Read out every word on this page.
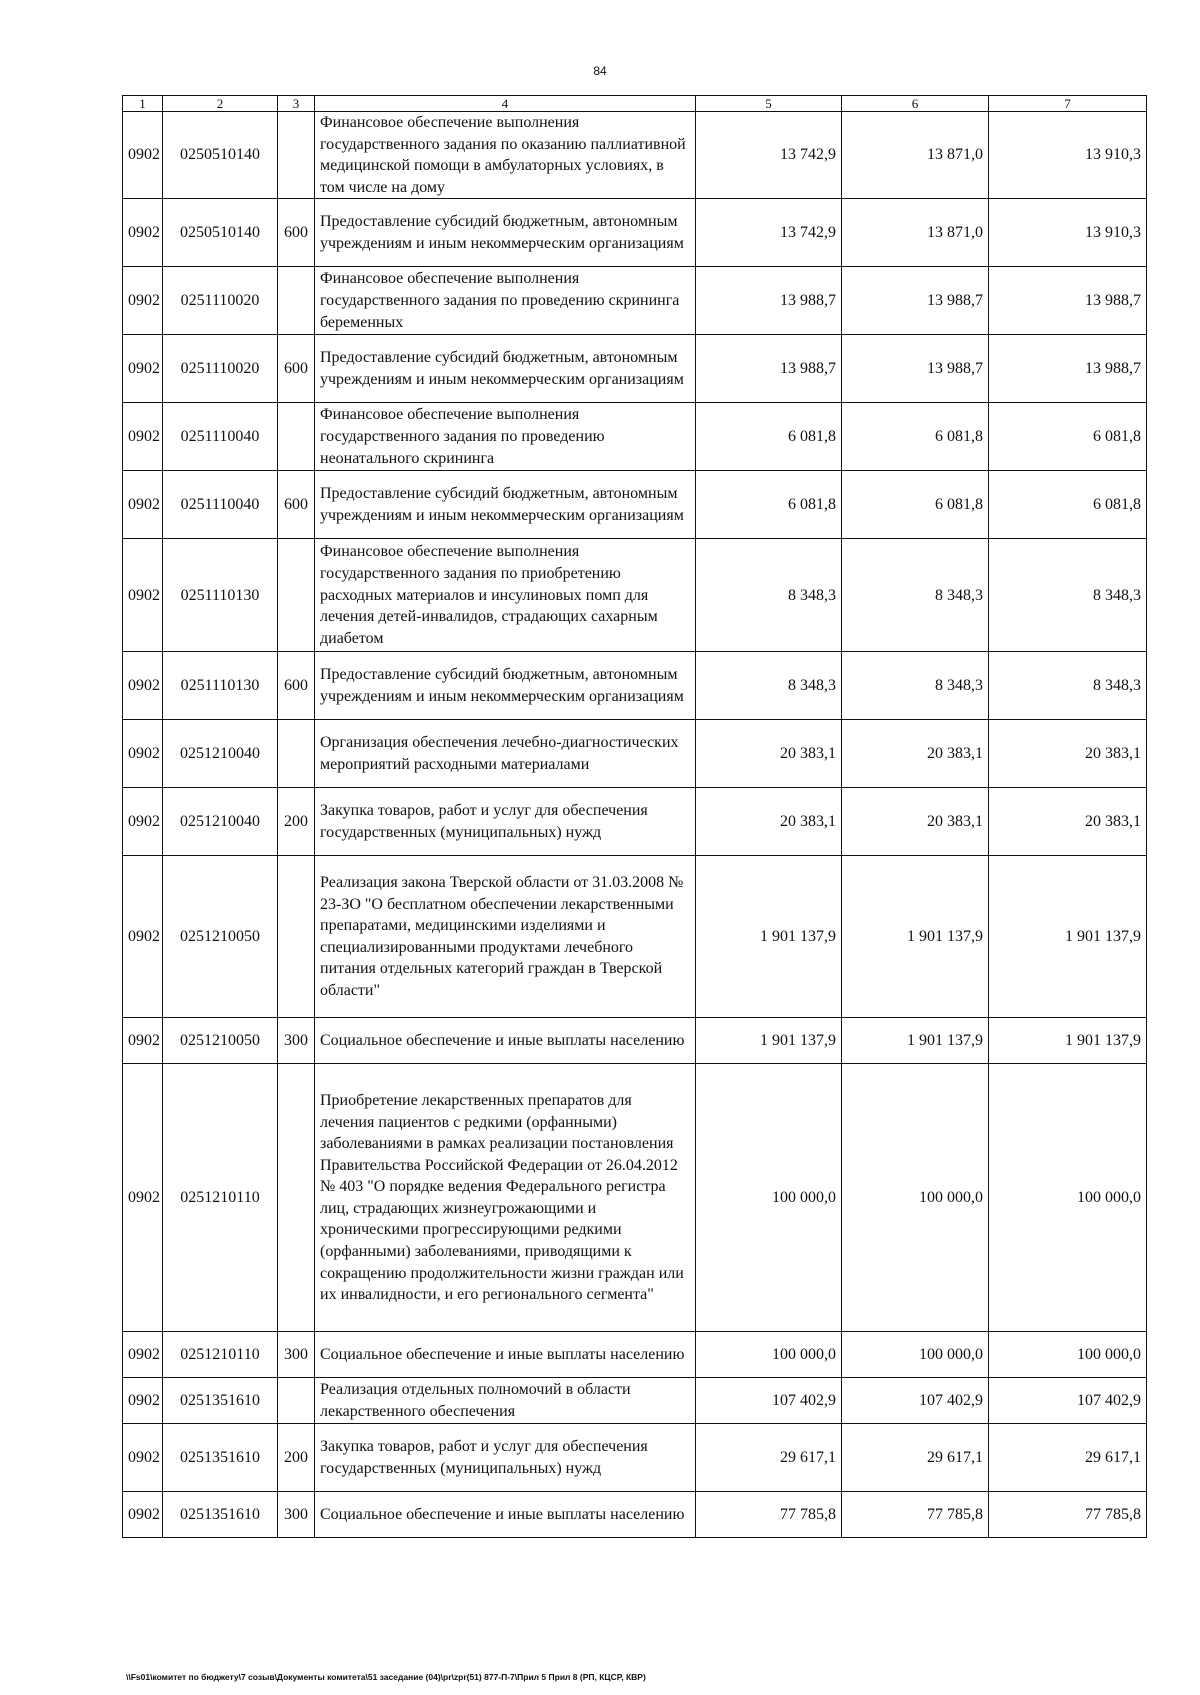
84
1	2	3	4	5	6	7
0902	0250510140		Финансовое обеспечение выполнения государственного задания по оказанию паллиативной медицинской помощи в амбулаторных условиях, в том числе на дому	13 742,9	13 871,0	13 910,3
0902	0250510140	600	Предоставление субсидий бюджетным, автономным учреждениям и иным некоммерческим организациям	13 742,9	13 871,0	13 910,3
0902	0251110020		Финансовое обеспечение выполнения государственного задания по проведению скрининга беременных	13 988,7	13 988,7	13 988,7
0902	0251110020	600	Предоставление субсидий бюджетным, автономным учреждениям и иным некоммерческим организациям	13 988,7	13 988,7	13 988,7
0902	0251110040		Финансовое обеспечение выполнения государственного задания по проведению неонатального скрининга	6 081,8	6 081,8	6 081,8
0902	0251110040	600	Предоставление субсидий бюджетным, автономным учреждениям и иным некоммерческим организациям	6 081,8	6 081,8	6 081,8
0902	0251110130		Финансовое обеспечение выполнения государственного задания по приобретению расходных материалов и инсулиновых помп для лечения детей-инвалидов, страдающих сахарным диабетом	8 348,3	8 348,3	8 348,3
0902	0251110130	600	Предоставление субсидий бюджетным, автономным учреждениям и иным некоммерческим организациям	8 348,3	8 348,3	8 348,3
0902	0251210040		Организация обеспечения лечебно-диагностических мероприятий расходными материалами	20 383,1	20 383,1	20 383,1
0902	0251210040	200	Закупка товаров, работ и услуг для обеспечения государственных (муниципальных) нужд	20 383,1	20 383,1	20 383,1
0902	0251210050		Реализация закона Тверской области от 31.03.2008 № 23-ЗО "О бесплатном обеспечении лекарственными препаратами, медицинскими изделиями и специализированными продуктами лечебного питания отдельных категорий граждан в Тверской области"	1 901 137,9	1 901 137,9	1 901 137,9
0902	0251210050	300	Социальное обеспечение и иные выплаты населению	1 901 137,9	1 901 137,9	1 901 137,9
0902	0251210110		Приобретение лекарственных препаратов для лечения пациентов с редкими (орфанными) заболеваниями в рамках реализации постановления Правительства Российской Федерации от 26.04.2012 № 403 "О порядке ведения Федерального регистра лиц, страдающих жизнеугрожающими и хроническими прогрессирующими редкими (орфанными) заболеваниями, приводящими к сокращению продолжительности жизни граждан или их инвалидности, и его регионального сегмента"	100 000,0	100 000,0	100 000,0
0902	0251210110	300	Социальное обеспечение и иные выплаты населению	100 000,0	100 000,0	100 000,0
0902	0251351610		Реализация отдельных полномочий в области лекарственного обеспечения	107 402,9	107 402,9	107 402,9
0902	0251351610	200	Закупка товаров, работ и услуг для обеспечения государственных (муниципальных) нужд	29 617,1	29 617,1	29 617,1
0902	0251351610	300	Социальное обеспечение и иные выплаты населению	77 785,8	77 785,8	77 785,8
\\Fs01\комитет по бюджету\7 созыв\Документы комитета\51 заседание (04)\pr\zpr(51) 877-П-7\Прил 5 Прил 8 (РП, КЦСР, КВР)
